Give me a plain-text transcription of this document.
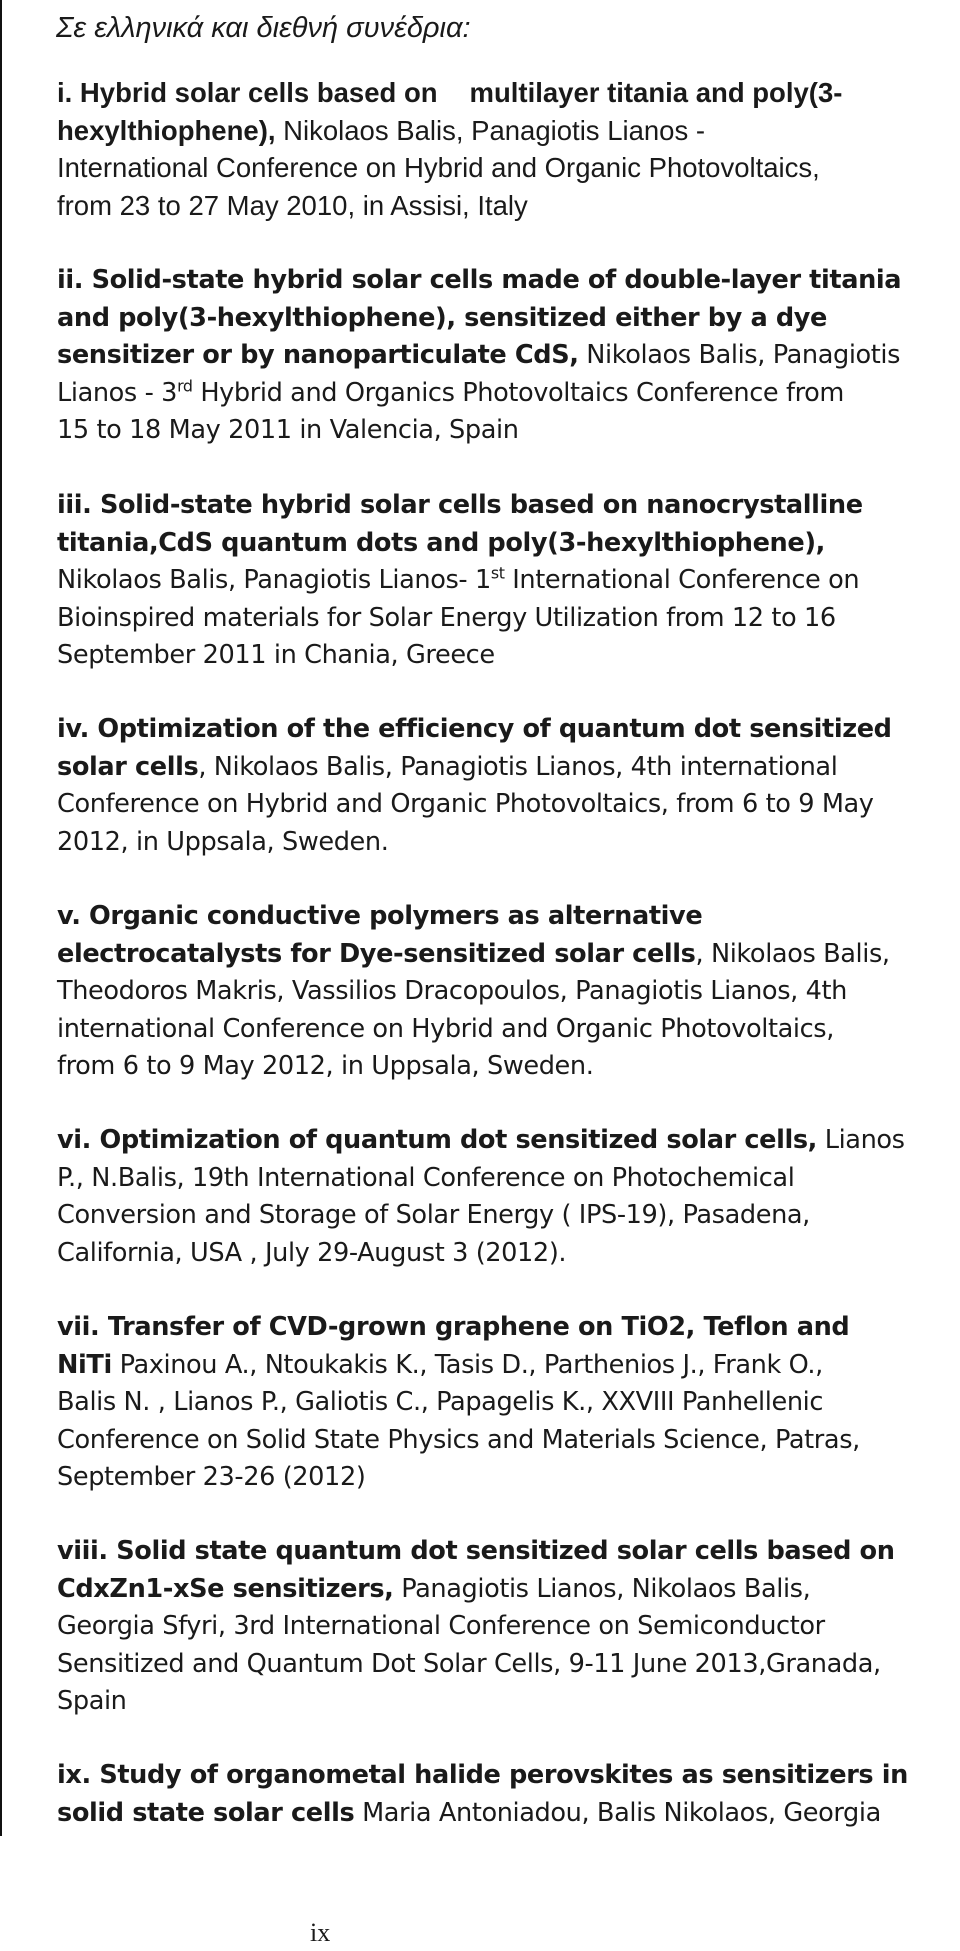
Σε ελληνικά και διεθνή συνέδρια:
i. Hybrid solar cells based on multilayer titania and poly(3-
hexylthiophene), Nikolaos Balis, Panagiotis Lianos -
International Conference on Hybrid and Organic Photovoltaics,
from 23 to 27 May 2010, in Assisi, Italy
ii. Solid-state hybrid solar cells made of double-layer titania
and poly(3-hexylthiophene), sensitized either by a dye
sensitizer or by nanoparticulate CdS, Nikolaos Balis, Panagiotis
Lianos - 3rd Hybrid and Organics Photovoltaics Conference from
15 to 18 May 2011 in Valencia, Spain
iii. Solid-state hybrid solar cells based on nanocrystalline
titania,CdS quantum dots and poly(3-hexylthiophene),
Nikolaos Balis, Panagiotis Lianos- 1st International Conference on
Bioinspired materials for Solar Energy Utilization from 12 to 16
September 2011 in Chania, Greece
iv. Optimization of the efficiency of quantum dot sensitized
solar cells, Nikolaos Balis, Panagiotis Lianos, 4th international
Conference on Hybrid and Organic Photovoltaics, from 6 to 9 May
2012, in Uppsala, Sweden.
v. Organic conductive polymers as alternative
electrocatalysts for Dye-sensitized solar cells, Nikolaos Balis,
Theodoros Makris, Vassilios Dracopoulos, Panagiotis Lianos, 4th
international Conference on Hybrid and Organic Photovoltaics,
from 6 to 9 May 2012, in Uppsala, Sweden.
vi. Optimization of quantum dot sensitized solar cells, Lianos
P., N.Balis, 19th International Conference on Photochemical
Conversion and Storage of Solar Energy ( IPS-19), Pasadena,
California, USA , July 29-August 3 (2012).
vii. Transfer of CVD-grown graphene on TiO2, Teflon and
NiTi Paxinou A., Ntoukakis K., Tasis D., Parthenios J., Frank O.,
Balis N. , Lianos P., Galiotis C., Papagelis K., XXVIII Panhellenic
Conference on Solid State Physics and Materials Science, Patras,
September 23-26 (2012)
viii. Solid state quantum dot sensitized solar cells based on
CdxZn1-xSe sensitizers, Panagiotis Lianos, Nikolaos Balis,
Georgia Sfyri, 3rd International Conference on Semiconductor
Sensitized and Quantum Dot Solar Cells, 9-11 June 2013,Granada,
Spain
ix. Study of organometal halide perovskites as sensitizers in
solid state solar cells Maria Antoniadou, Balis Nikolaos, Georgia
ix
